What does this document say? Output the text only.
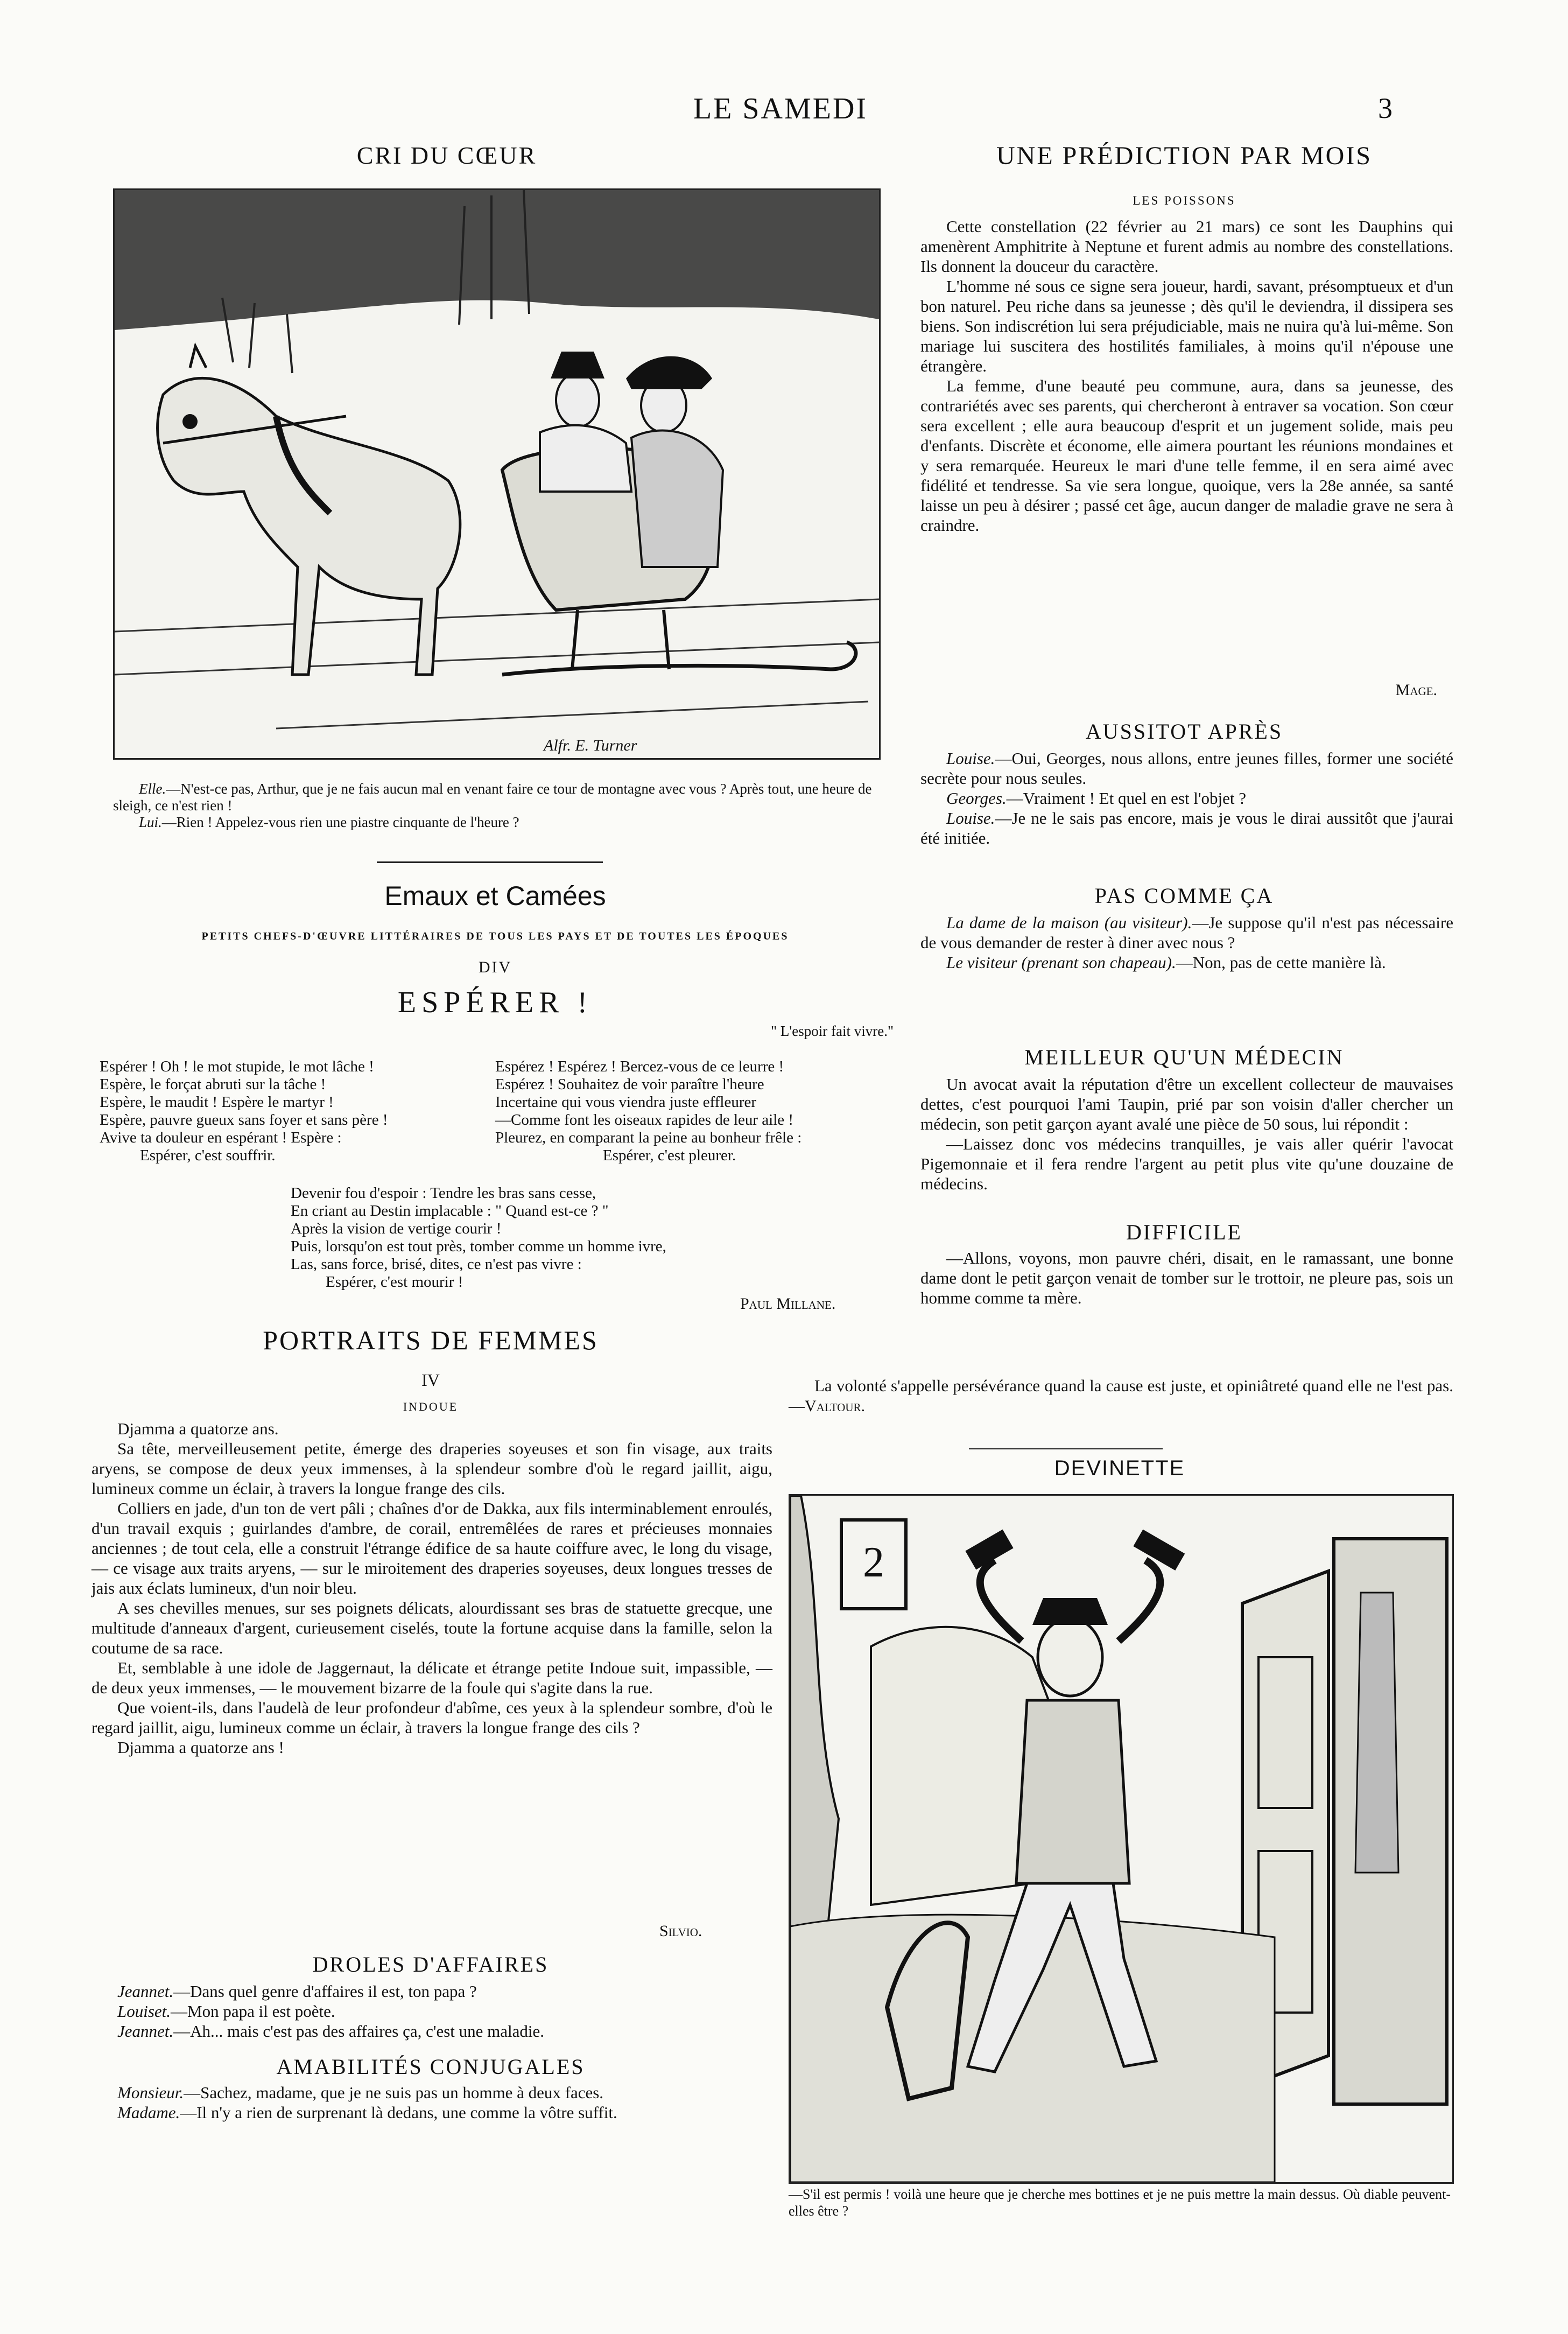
LE SAMEDI	3
CRI DU CŒUR
Alfr. E. Turner

Elle.—N'est-ce pas, Arthur, que je ne fais aucun mal en venant faire ce tour de montagne avec vous ? Après tout, une heure de sleigh, ce n'est rien !

Lui.—Rien ! Appelez-vous rien une piastre cinquante de l'heure ?

Emaux et Camées
PETITS CHEFS-D'ŒUVRE LITTÉRAIRES DE TOUS LES PAYS ET DE TOUTES LES ÉPOQUES
DIV
ESPÉRER !
" L'espoir fait vivre."
Espérer ! Oh ! le mot stupide, le mot lâche !
Espère, le forçat abruti sur la tâche !
Espère, le maudit ! Espère le martyr !
Espère, pauvre gueux sans foyer et sans père !
Avive ta douleur en espérant ! Espère :
Espérer, c'est souffrir.
Espérez ! Espérez ! Bercez-vous de ce leurre !
Espérez ! Souhaitez de voir paraître l'heure
Incertaine qui vous viendra juste effleurer
—Comme font les oiseaux rapides de leur aile !
Pleurez, en comparant la peine au bonheur frêle :
Espérer, c'est pleurer.
Devenir fou d'espoir : Tendre les bras sans cesse,
En criant au Destin implacable : " Quand est-ce ? "
Après la vision de vertige courir !
Puis, lorsqu'on est tout près, tomber comme un homme ivre,
Las, sans force, brisé, dites, ce n'est pas vivre :
Espérer, c'est mourir !
Paul Millane.
PORTRAITS DE FEMMES
IV
INDOUE

Djamma a quatorze ans.

Sa tête, merveilleusement petite, émerge des draperies soyeuses et son fin visage, aux traits aryens, se compose de deux yeux immenses, à la splendeur sombre d'où le regard jaillit, aigu, lumineux comme un éclair, à travers la longue frange des cils.

Colliers en jade, d'un ton de vert pâli ; chaînes d'or de Dakka, aux fils interminablement enroulés, d'un travail exquis ; guirlandes d'ambre, de corail, entremêlées de rares et précieuses monnaies anciennes ; de tout cela, elle a construit l'étrange édifice de sa haute coiffure avec, le long du visage, — ce visage aux traits aryens, — sur le miroitement des draperies soyeuses, deux longues tresses de jais aux éclats lumineux, d'un noir bleu.

A ses chevilles menues, sur ses poignets délicats, alourdissant ses bras de statuette grecque, une multitude d'anneaux d'argent, curieusement ciselés, toute la fortune acquise dans la famille, selon la coutume de sa race.

Et, semblable à une idole de Jaggernaut, la délicate et étrange petite Indoue suit, impassible, — de deux yeux immenses, — le mouvement bizarre de la foule qui s'agite dans la rue.

Que voient-ils, dans l'audelà de leur profondeur d'abîme, ces yeux à la splendeur sombre, d'où le regard jaillit, aigu, lumineux comme un éclair, à travers la longue frange des cils ?

Djamma a quatorze ans !

Silvio.
DROLES D'AFFAIRES

Jeannet.—Dans quel genre d'affaires il est, ton papa ?

Louiset.—Mon papa il est poète.

Jeannet.—Ah... mais c'est pas des affaires ça, c'est une maladie.

AMABILITÉS CONJUGALES

Monsieur.—Sachez, madame, que je ne suis pas un homme à deux faces.

Madame.—Il n'y a rien de surprenant là dedans, une comme la vôtre suffit.

UNE PRÉDICTION PAR MOIS
LES POISSONS

Cette constellation (22 février au 21 mars) ce sont les Dauphins qui amenèrent Amphitrite à Neptune et furent admis au nombre des constellations. Ils donnent la douceur du caractère.

L'homme né sous ce signe sera joueur, hardi, savant, présomptueux et d'un bon naturel. Peu riche dans sa jeunesse ; dès qu'il le deviendra, il dissipera ses biens. Son indiscrétion lui sera préjudiciable, mais ne nuira qu'à lui-même. Son mariage lui suscitera des hostilités familiales, à moins qu'il n'épouse une étrangère.

La femme, d'une beauté peu commune, aura, dans sa jeunesse, des contrariétés avec ses parents, qui chercheront à entraver sa vocation. Son cœur sera excellent ; elle aura beaucoup d'esprit et un jugement solide, mais peu d'enfants. Discrète et économe, elle aimera pourtant les réunions mondaines et y sera remarquée. Heureux le mari d'une telle femme, il en sera aimé avec fidélité et tendresse. Sa vie sera longue, quoique, vers la 28e année, sa santé laisse un peu à désirer ; passé cet âge, aucun danger de maladie grave ne sera à craindre.

Mage.
AUSSITOT APRÈS

Louise.—Oui, Georges, nous allons, entre jeunes filles, former une société secrète pour nous seules.

Georges.—Vraiment ! Et quel en est l'objet ?

Louise.—Je ne le sais pas encore, mais je vous le dirai aussitôt que j'aurai été initiée.

PAS COMME ÇA

La dame de la maison (au visiteur).—Je suppose qu'il n'est pas nécessaire de vous demander de rester à diner avec nous ?

Le visiteur (prenant son chapeau).—Non, pas de cette manière là.

MEILLEUR QU'UN MÉDECIN

Un avocat avait la réputation d'être un excellent collecteur de mauvaises dettes, c'est pourquoi l'ami Taupin, prié par son voisin d'aller chercher un médecin, son petit garçon ayant avalé une pièce de 50 sous, lui répondit :

—Laissez donc vos médecins tranquilles, je vais aller quérir l'avocat Pigemonnaie et il fera rendre l'argent au petit plus vite qu'une douzaine de médecins.

DIFFICILE

—Allons, voyons, mon pauvre chéri, disait, en le ramassant, une bonne dame dont le petit garçon venait de tomber sur le trottoir, ne pleure pas, sois un homme comme ta mère.

La volonté s'appelle persévérance quand la cause est juste, et opiniâtreté quand elle ne l'est pas.—Valtour.

DEVINETTE
2
—S'il est permis ! voilà une heure que je cherche mes bottines et je ne puis mettre la main dessus. Où diable peuvent-elles être ?
